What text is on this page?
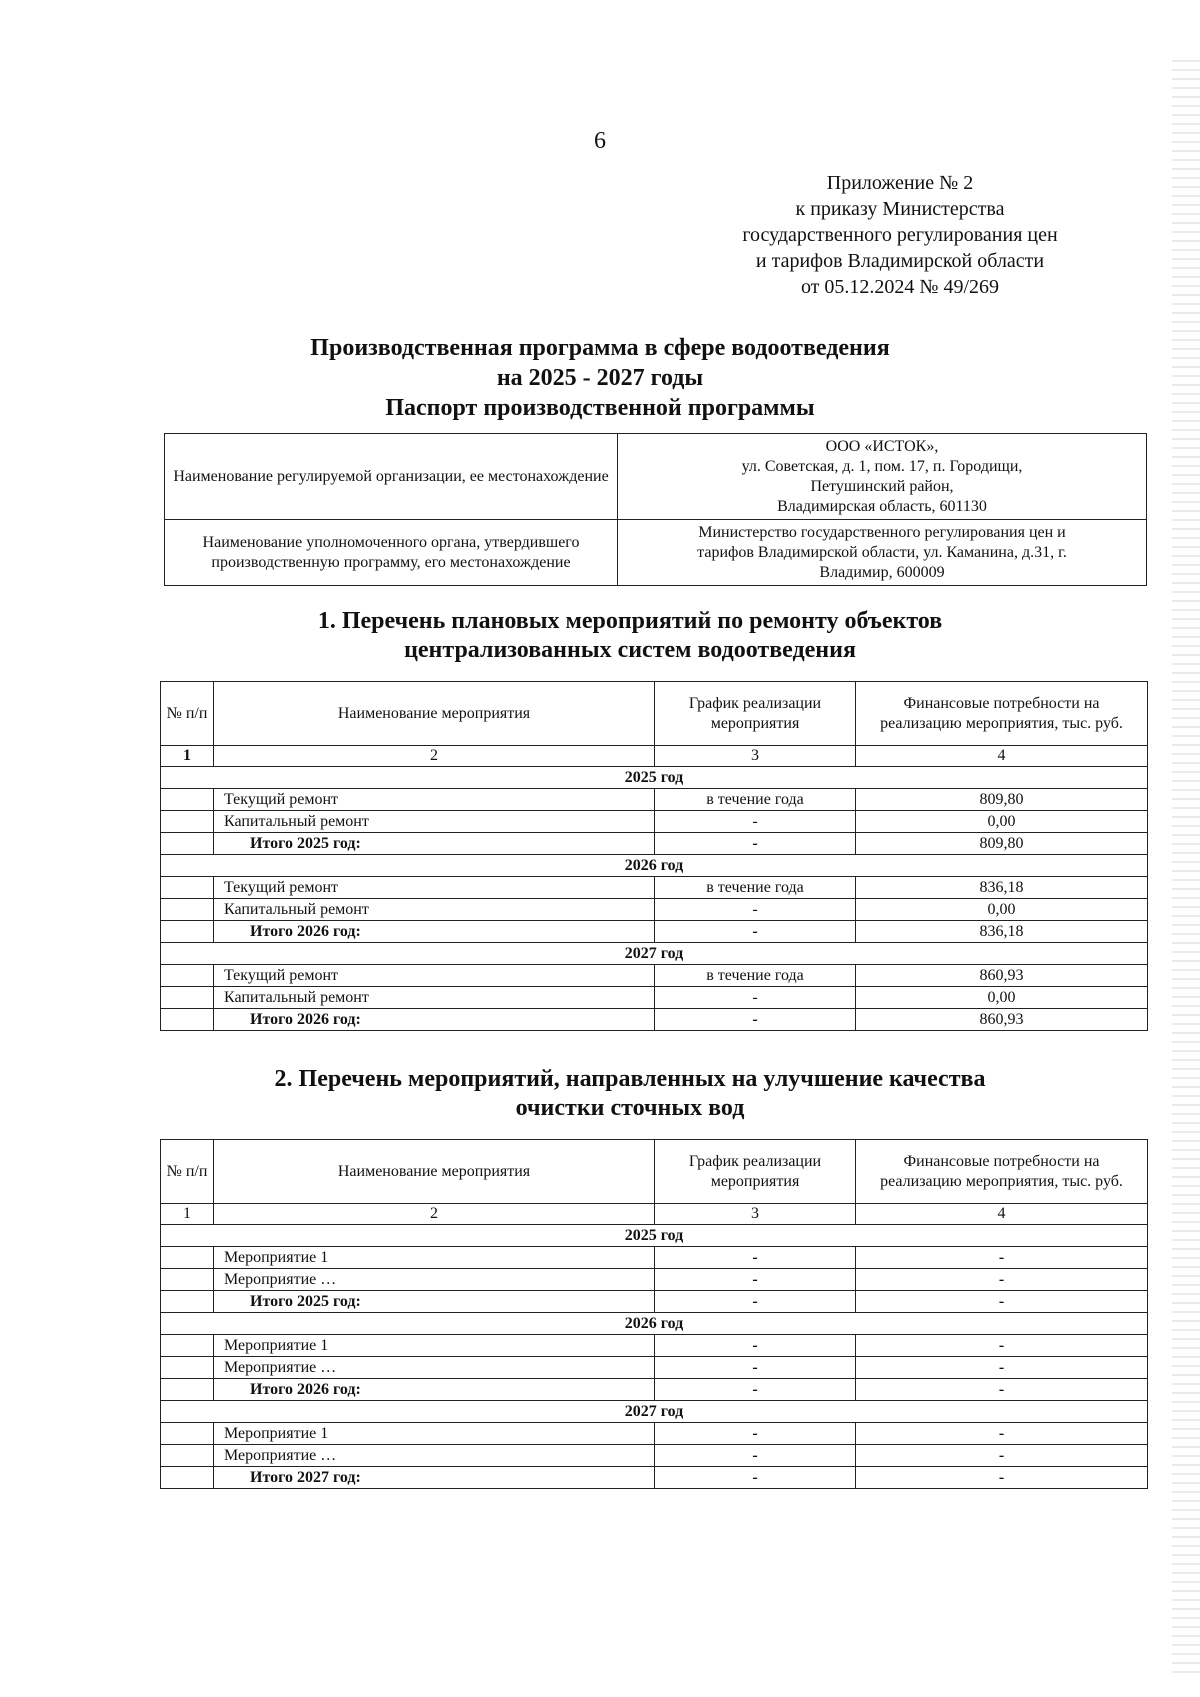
6
Приложение № 2
к приказу Министерства
государственного регулирования цен
и тарифов Владимирской области
от 05.12.2024 № 49/269
Производственная программа в сфере водоотведения
на 2025 - 2027 годы
Паспорт производственной программы
Наименование регулируемой организации, ее местонахождение	ООО «ИСТОК»,
ул. Советская, д. 1, пом. 17, п. Городищи,
Петушинский район,
Владимирская область, 601130

Наименование уполномоченного органа, утвердившего производственную программу, его местонахождение	Министерство государственного регулирования цен и
тарифов Владимирской области, ул. Каманина, д.31, г.
Владимир, 600009
1. Перечень плановых мероприятий по ремонту объектов
централизованных систем водоотведения
№ п/п	Наименование мероприятия	График реализации мероприятия	Финансовые потребности на реализацию мероприятия, тыс. руб.
1	2	3	4
2025 год			
	Текущий ремонт	в течение года	809,80
	Капитальный ремонт	-	0,00
	Итого 2025 год:	-	809,80
2026 год			
	Текущий ремонт	в течение года	836,18
	Капитальный ремонт	-	0,00
	Итого 2026 год:	-	836,18
2027 год			
	Текущий ремонт	в течение года	860,93
	Капитальный ремонт	-	0,00
	Итого 2026 год:	-	860,93
2. Перечень мероприятий, направленных на улучшение качества
очистки сточных вод
№ п/п	Наименование мероприятия	График реализации мероприятия	Финансовые потребности на реализацию мероприятия, тыс. руб.
1	2	3	4
2025 год			
	Мероприятие 1	-	-
	Мероприятие …	-	-
	Итого 2025 год:	-	-
2026 год			
	Мероприятие 1	-	-
	Мероприятие …	-	-
	Итого 2026 год:	-	-
2027 год			
	Мероприятие 1	-	-
	Мероприятие …	-	-
	Итого 2027 год:	-	-
